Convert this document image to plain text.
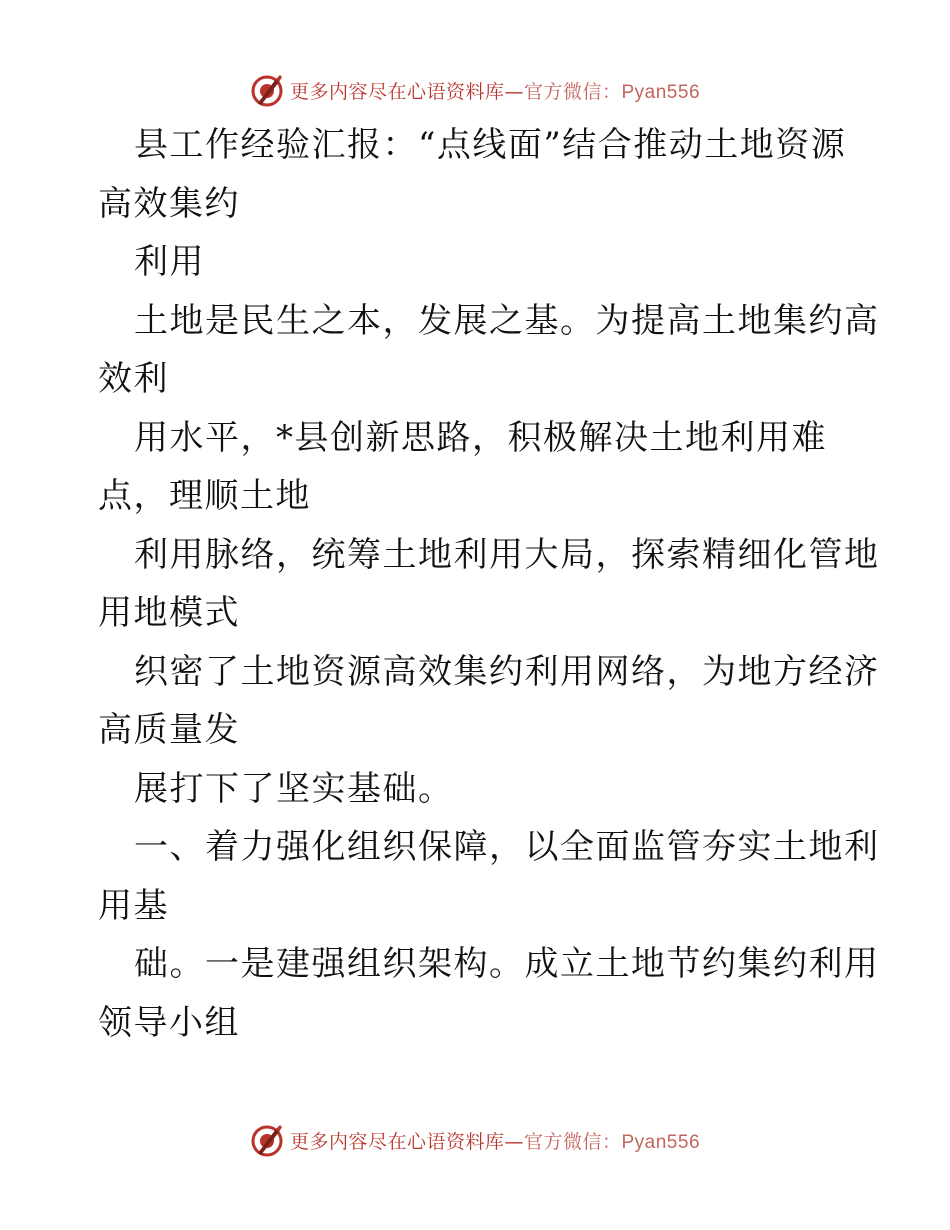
更多内容尽在心语资料库—官方微信：Pyan556
县工作经验汇报：“点线面”结合推动土地资源
高效集约
利用
土地是民生之本，发展之基。为提高土地集约高
效利
用水平，*县创新思路，积极解决土地利用难
点，理顺土地
利用脉络，统筹土地利用大局，探索精细化管地
用地模式
织密了土地资源高效集约利用网络，为地方经济
高质量发
展打下了坚实基础。
一、着力强化组织保障，以全面监管夯实土地利
用基
础。一是建强组织架构。成立土地节约集约利用
领导小组
更多内容尽在心语资料库—官方微信：Pyan556
